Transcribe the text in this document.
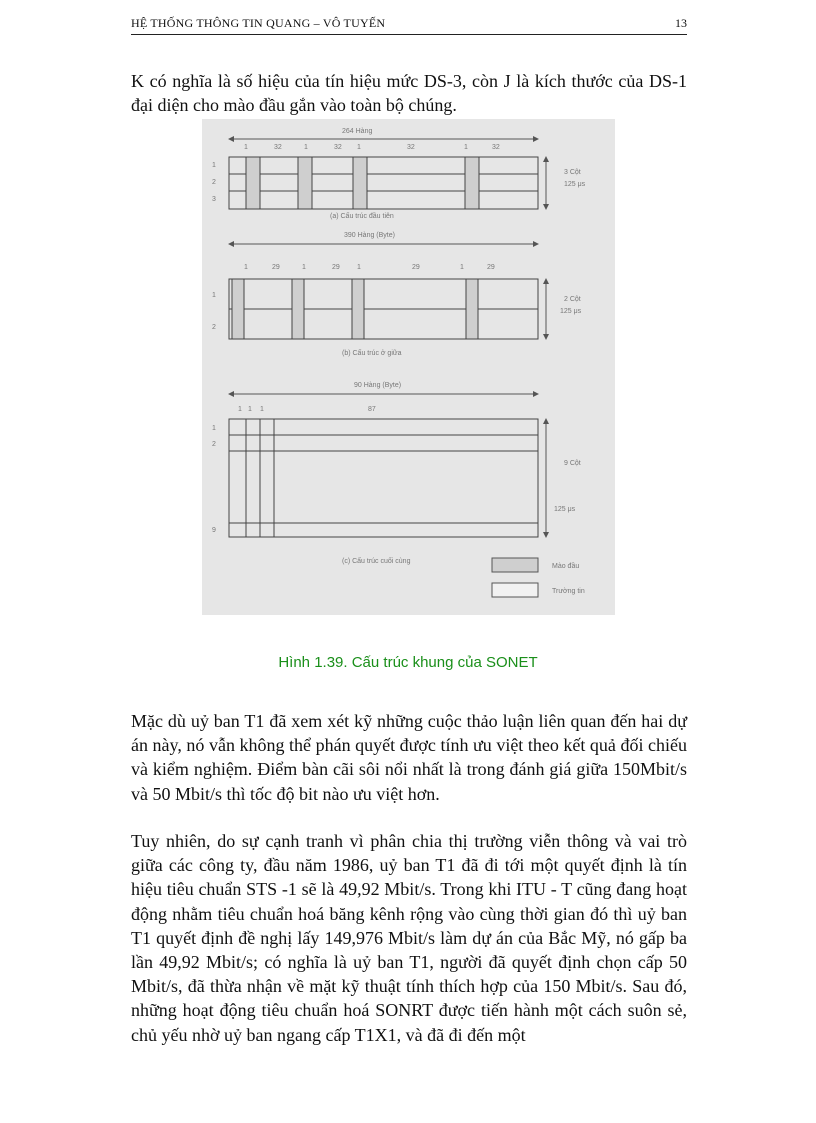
HỆ THỐNG THÔNG TIN QUANG – VÔ TUYẾN	13

K có nghĩa là số hiệu của tín hiệu mức DS-3, còn J là kích thước của DS-1 đại diện cho mào đầu gắn vào toàn bộ chúng.

264 Hàng
1	32	1	32 1	32	1	32
1
2
3
3 Cột
125 μs
(a) Cấu trúc đầu tiên
390 Hàng (Byte)
1	29	1	29 1	29	1	29
1
2
2 Cột
125 μs
(b) Cấu trúc ở giữa
90 Hàng (Byte)
1 1 1	87
1
2
9
9 Cột
125 μs
(c) Cấu trúc cuối cùng
Mào đầu
Trường tin
Hình 1.39. Cấu trúc khung của SONET

Mặc dù uỷ ban T1 đã xem xét kỹ những cuộc thảo luận liên quan đến hai dự án này, nó vẫn không thể phán quyết được tính ưu việt theo kết quả đối chiếu và kiểm nghiệm. Điểm bàn cãi sôi nổi nhất là trong đánh giá giữa 150Mbit/s và 50 Mbit/s thì tốc độ bit nào ưu việt hơn.

Tuy nhiên, do sự cạnh tranh vì phân chia thị trường viễn thông và vai trò giữa các công ty, đầu năm 1986, uỷ ban T1 đã đi tới một quyết định là tín hiệu tiêu chuẩn STS -1 sẽ là 49,92 Mbit/s. Trong khi ITU - T cũng đang hoạt động nhằm tiêu chuẩn hoá băng kênh rộng vào cùng thời gian đó thì uỷ ban T1 quyết định đề nghị lấy 149,976 Mbit/s làm dự án của Bắc Mỹ, nó gấp ba lần 49,92 Mbit/s; có nghĩa là uỷ ban T1, người đã quyết định chọn cấp 50 Mbit/s, đã thừa nhận về mặt kỹ thuật tính thích hợp của 150 Mbit/s. Sau đó, những hoạt động tiêu chuẩn hoá SONRT được tiến hành một cách suôn sẻ, chủ yếu nhờ uỷ ban ngang cấp T1X1, và đã đi đến một
